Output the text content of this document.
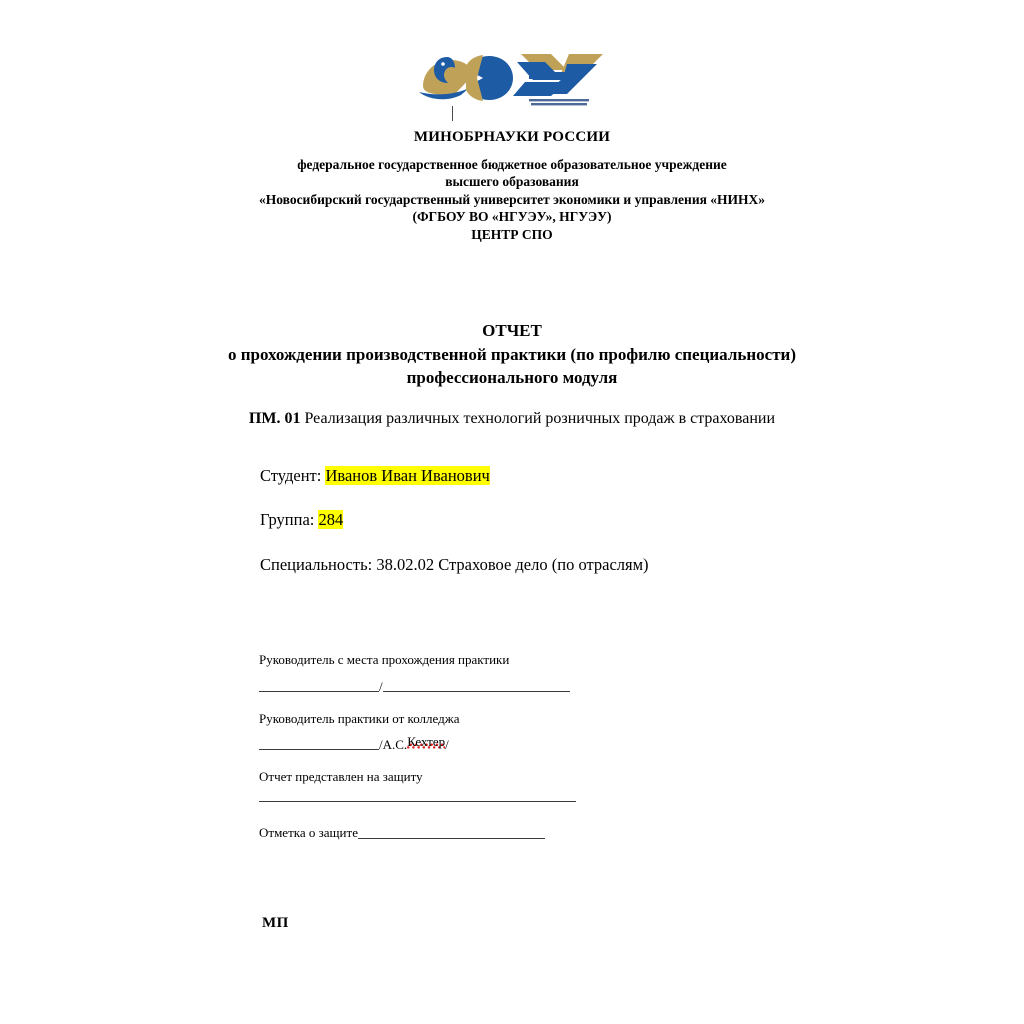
МИНОБРНАУКИ РОССИИ
федеральное государственное бюджетное образовательное учреждение
высшего образования
«Новосибирский государственный университет экономики и управления «НИНХ»
(ФГБОУ ВО «НГУЭУ», НГУЭУ)
ЦЕНТР СПО
ОТЧЕТ
о прохождении производственной практики (по профилю специальности)
профессионального модуля
ПМ. 01 Реализация различных технологий розничных продаж в страховании
Студент: Иванов Иван Иванович
Группа: 284
Специальность: 38.02.02 Страховое дело (по отраслям)
Руководитель с места прохождения практики
/
Руководитель практики от колледжа
/А.С.Кехтер/
Отчет представлен на защиту
Отметка о защите
МП
